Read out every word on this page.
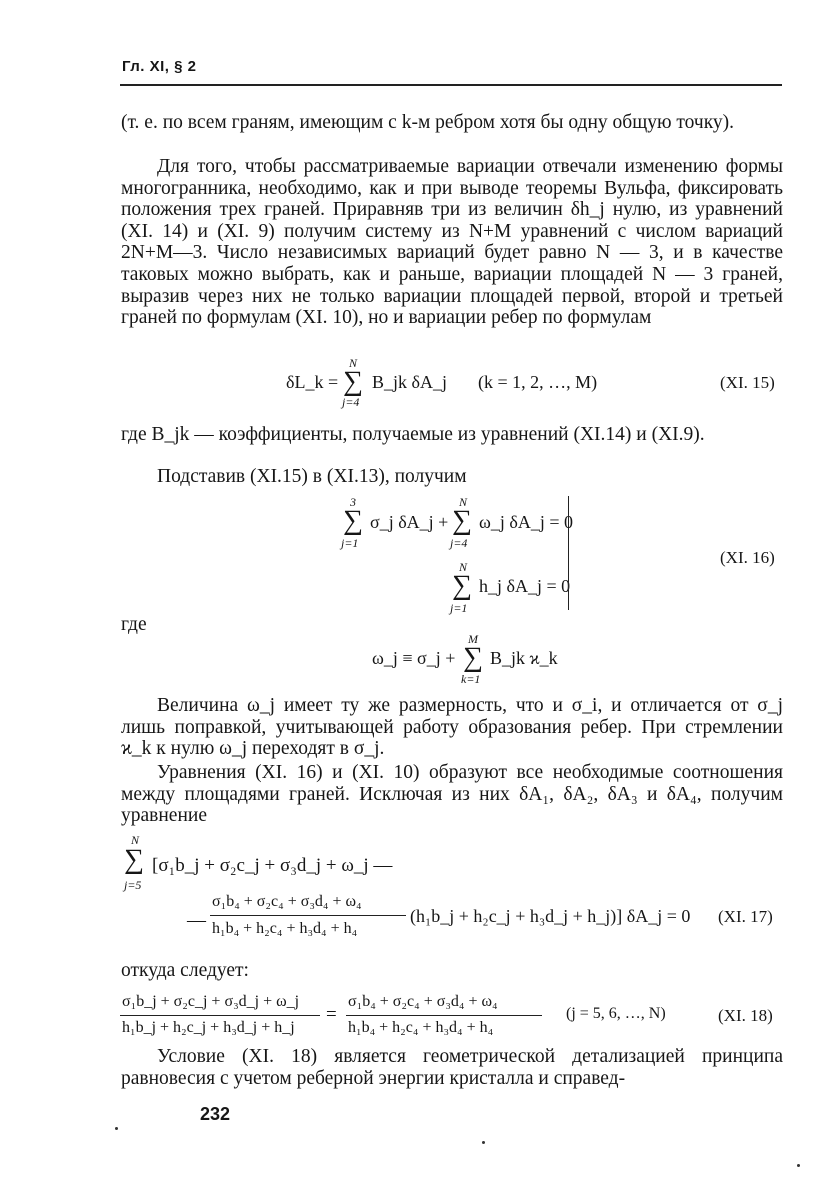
Гл. XI, § 2

(т. е. по всем граням, имеющим с k-м ребром хотя бы одну общую точку).

Для того, чтобы рассматриваемые вариации отвечали изменению формы многогранника, необходимо, как и при выводе теоремы Вульфа, фиксировать положения трех граней. Приравняв три из величин δh_j нулю, из уравнений (XI. 14) и (XI. 9) получим систему из N+M уравнений с числом вариаций 2N+M—3. Число независимых вариаций будет равно N — 3, и в качестве таковых можно выбрать, как и раньше, вариации площадей N — 3 граней, выразив через них не только вариации площадей первой, второй и третьей граней по формулам (XI. 10), но и вариации ребер по формулам

δL_k =
N
∑
j=4
B_jk δA_j (k = 1, 2, …, M)	(XI. 15)

где B_jk — коэффициенты, получаемые из уравнений (XI.14) и (XI.9).

Подставив (XI.15) в (XI.13), получим

3
∑
j=1
σ_j δA_j +
N
∑
j=4
ω_j δA_j = 0
N
∑
j=1
h_j δA_j = 0
(XI. 16)

где

ω_j ≡ σ_j +
M
∑
k=1
B_jk ϰ_k

Величина ω_j имеет ту же размерность, что и σ_i, и отличается от σ_j лишь поправкой, учитывающей работу образования ребер. При стремлении ϰ_k к нулю ω_j переходят в σ_j.

Уравнения (XI. 16) и (XI. 10) образуют все необходимые соотношения между площадями граней. Исключая из них δA₁, δA₂, δA₃ и δA₄, получим уравнение

N
∑
j=5
[σ₁b_j + σ₂c_j + σ₃d_j + ω_j —
—
σ₁b₄ + σ₂c₄ + σ₃d₄ + ω₄
h₁b₄ + h₂c₄ + h₃d₄ + h₄
(h₁b_j + h₂c_j + h₃d_j + h_j)] δA_j = 0 (XI. 17)

откуда следует:

σ₁b_j + σ₂c_j + σ₃d_j + ω_j
h₁b_j + h₂c_j + h₃d_j + h_j
=
σ₁b₄ + σ₂c₄ + σ₃d₄ + ω₄
h₁b₄ + h₂c₄ + h₃d₄ + h₄
(j = 5, 6, …, N)	(XI. 18)

Условие (XI. 18) является геометрической детализацией принципа равновесия с учетом реберной энергии кристалла и справед-

232
